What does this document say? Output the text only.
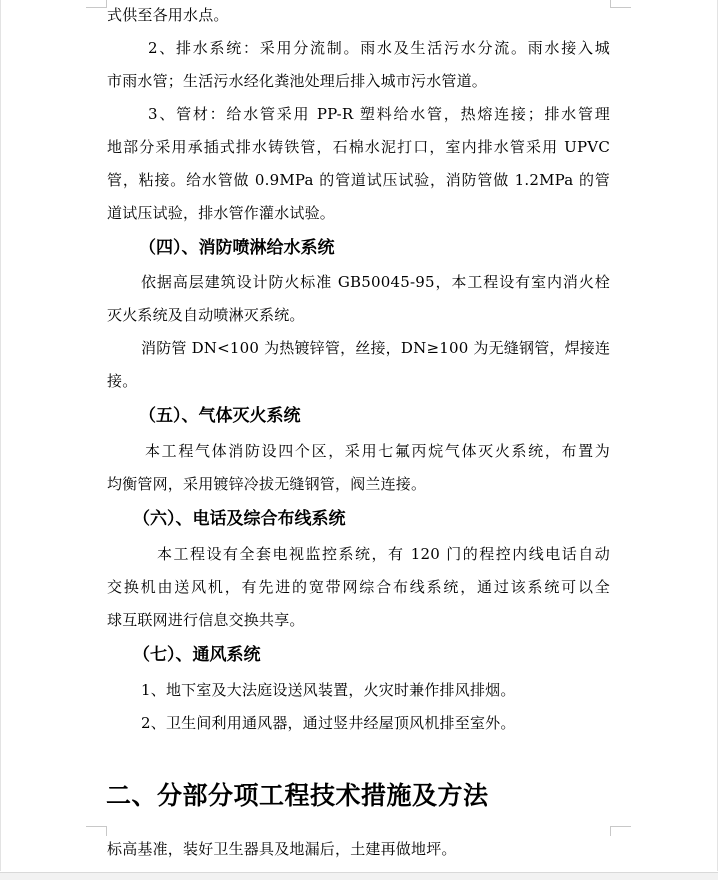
式供至各用水点。
2、排水系统：采用分流制。雨水及生活污水分流。雨水接入城
市雨水管；生活污水经化粪池处理后排入城市污水管道。
3、管材：给水管采用 PP-R 塑料给水管，热熔连接；排水管理
地部分采用承插式排水铸铁管，石棉水泥打口，室内排水管采用 UPVC
管，粘接。给水管做 0.9MPa 的管道试压试验，消防管做 1.2MPa 的管
道试压试验，排水管作灌水试验。
（四）、消防喷淋给水系统
依据高层建筑设计防火标准 GB50045-95，本工程设有室内消火栓
灭火系统及自动喷淋灭系统。
消防管 DN<100 为热镀锌管，丝接，DN≥100 为无缝钢管，焊接连
接。
（五）、气体灭火系统
本工程气体消防设四个区，采用七氟丙烷气体灭火系统，布置为
均衡管网，采用镀锌冷拔无缝钢管，阀兰连接。
（六）、电话及综合布线系统
本工程设有全套电视监控系统，有 120 门的程控内线电话自动
交换机由送风机，有先进的宽带网综合布线系统，通过该系统可以全
球互联网进行信息交换共享。
（七）、通风系统
1、地下室及大法庭设送风装置，火灾时兼作排风排烟。
2、卫生间利用通风器，通过竖井经屋顶风机排至室外。
二、分部分项工程技术措施及方法
标高基准，装好卫生器具及地漏后，土建再做地坪。
